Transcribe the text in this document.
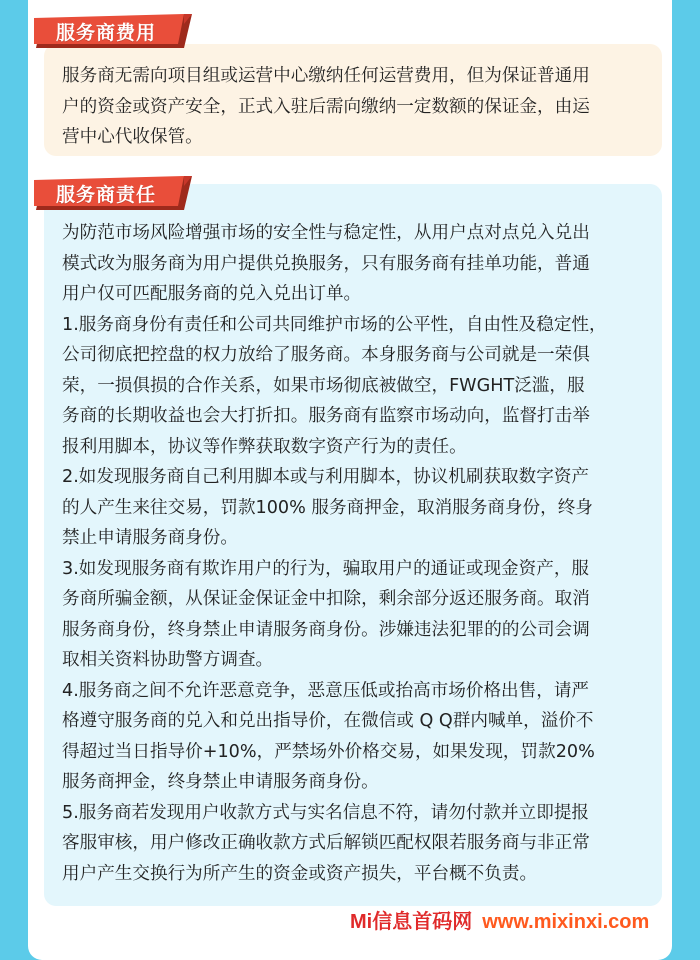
服务商费用
服务商责任
服务商无需向项目组或运营中心缴纳任何运营费用，但为保证普通用
户的资金或资产安全，正式入驻后需向缴纳一定数额的保证金，由运
营中心代收保管。
为防范市场风险增强市场的安全性与稳定性，从用户点对点兑入兑出
模式改为服务商为用户提供兑换服务，只有服务商有挂单功能，普通
用户仅可匹配服务商的兑入兑出订单。
1.服务商身份有责任和公司共同维护市场的公平性，自由性及稳定性，
公司彻底把控盘的权力放给了服务商。本身服务商与公司就是一荣俱
荣，一损俱损的合作关系，如果市场彻底被做空，FWGHT泛滥，服
务商的长期收益也会大打折扣。服务商有监察市场动向，监督打击举
报利用脚本，协议等作弊获取数字资产行为的责任。
2.如发现服务商自己利用脚本或与利用脚本，协议机刷获取数字资产
的人产生来往交易，罚款100% 服务商押金，取消服务商身份，终身
禁止申请服务商身份。
3.如发现服务商有欺诈用户的行为，骗取用户的通证或现金资产，服
务商所骗金额，从保证金保证金中扣除，剩余部分返还服务商。取消
服务商身份，终身禁止申请服务商身份。涉嫌违法犯罪的的公司会调
取相关资料协助警方调查。
4.服务商之间不允许恶意竞争，恶意压低或抬高市场价格出售，请严
格遵守服务商的兑入和兑出指导价，在微信或 Q Q群内喊单，溢价不
得超过当日指导价+10%，严禁场外价格交易，如果发现，罚款20%
服务商押金，终身禁止申请服务商身份。
5.服务商若发现用户收款方式与实名信息不符，请勿付款并立即提报
客服审核，用户修改正确收款方式后解锁匹配权限若服务商与非正常
用户产生交换行为所产生的资金或资产损失，平台概不负责。
Mi信息首码网 www.mixinxi.com
